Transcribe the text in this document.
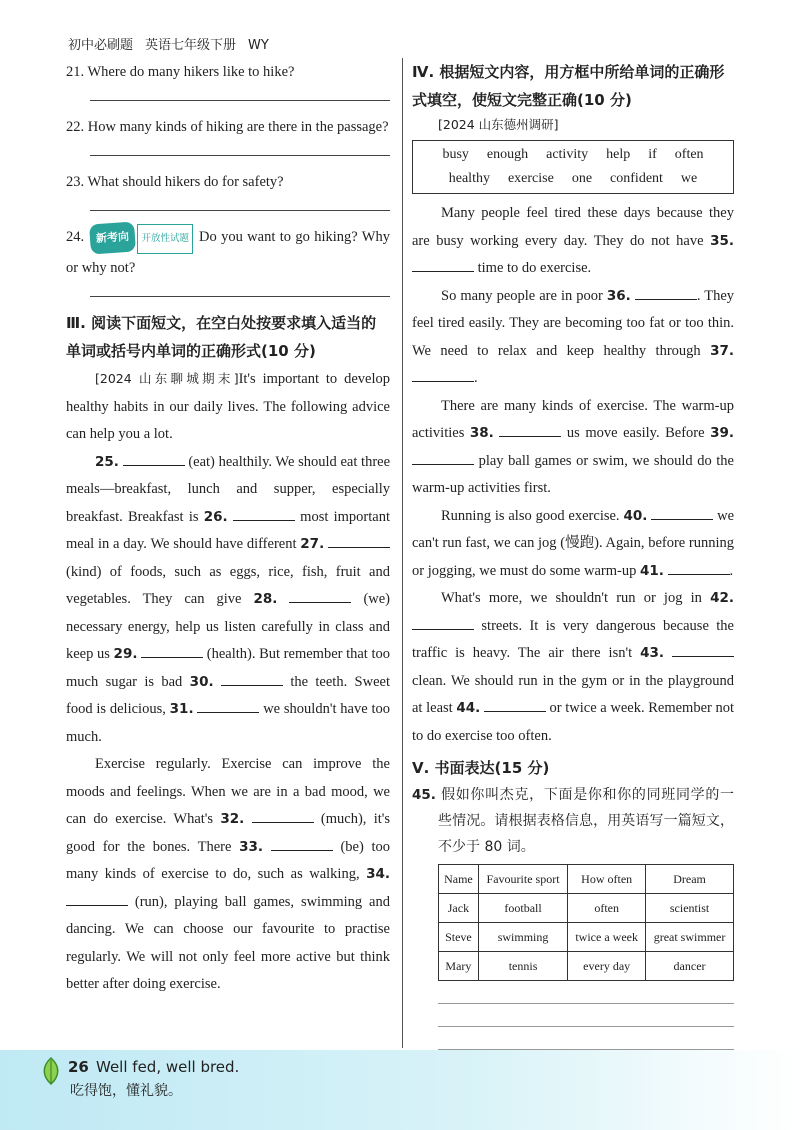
初中必刷题 英语七年级下册 WY
21. Where do many hikers like to hike?
22. How many kinds of hiking are there in the passage?
23. What should hikers do for safety?
24. 新考向 开放性试题 Do you want to go hiking? Why or why not?
Ⅲ. 阅读下面短文，在空白处按要求填入适当的单词或括号内单词的正确形式(10 分)
[2024 山东聊城期末]It's important to develop healthy habits in our daily lives. The following advice can help you a lot.
25.	(eat) healthily. We should eat three meals—breakfast, lunch and supper, especially breakfast. Breakfast is 26.	most important meal in a day. We should have different 27.  (kind) of foods, such as eggs, rice, fish, fruit and vegetables. They can give 28.	(we) necessary energy, help us listen carefully in class and keep us 29.	(health). But remember that too much sugar is bad 30.	the teeth. Sweet food is delicious, 31.	we shouldn't have too much.
Exercise regularly. Exercise can improve the moods and feelings. When we are in a bad mood, we can do exercise. What's 32.	(much), it's good for the bones. There 33.	(be) too many kinds of exercise to do, such as walking, 34.  (run), playing ball games, swimming and dancing. We can choose our favourite to practise regularly. We will not only feel more active but think better after doing exercise.
Ⅳ. 根据短文内容，用方框中所给单词的正确形式填空，使短文完整正确(10 分)
[2024 山东德州调研]
busy enough activity help if often
healthy exercise one confident we
Many people feel tired these days because they are busy working every day. They do not have 35.  time to do exercise.
So many people are in poor 36.	. They feel tired easily. They are becoming too fat or too thin. We need to relax and keep healthy through 37. .
There are many kinds of exercise. The warm-up activities 38.	us move easily. Before 39.  play ball games or swim, we should do the warm-up activities first.
Running is also good exercise. 40.	we can't run fast, we can jog (慢跑). Again, before running or jogging, we must do some warm-up 41.	.
What's more, we shouldn't run or jog in 42.  streets. It is very dangerous because the traffic is heavy. The air there isn't 43.  clean. We should run in the gym or in the playground at least 44.	or twice a week. Remember not to do exercise too often.
Ⅴ. 书面表达(15 分)
45. 假如你叫杰克，下面是你和你的同班同学的一些情况。请根据表格信息，用英语写一篇短文，不少于 80 词。
Name	Favourite sport	How often	Dream
Jack	football	often	scientist
Steve	swimming	twice a week	great swimmer
Mary	tennis	every day	dancer
26 Well fed, well bred.
吃得饱，懂礼貌。
